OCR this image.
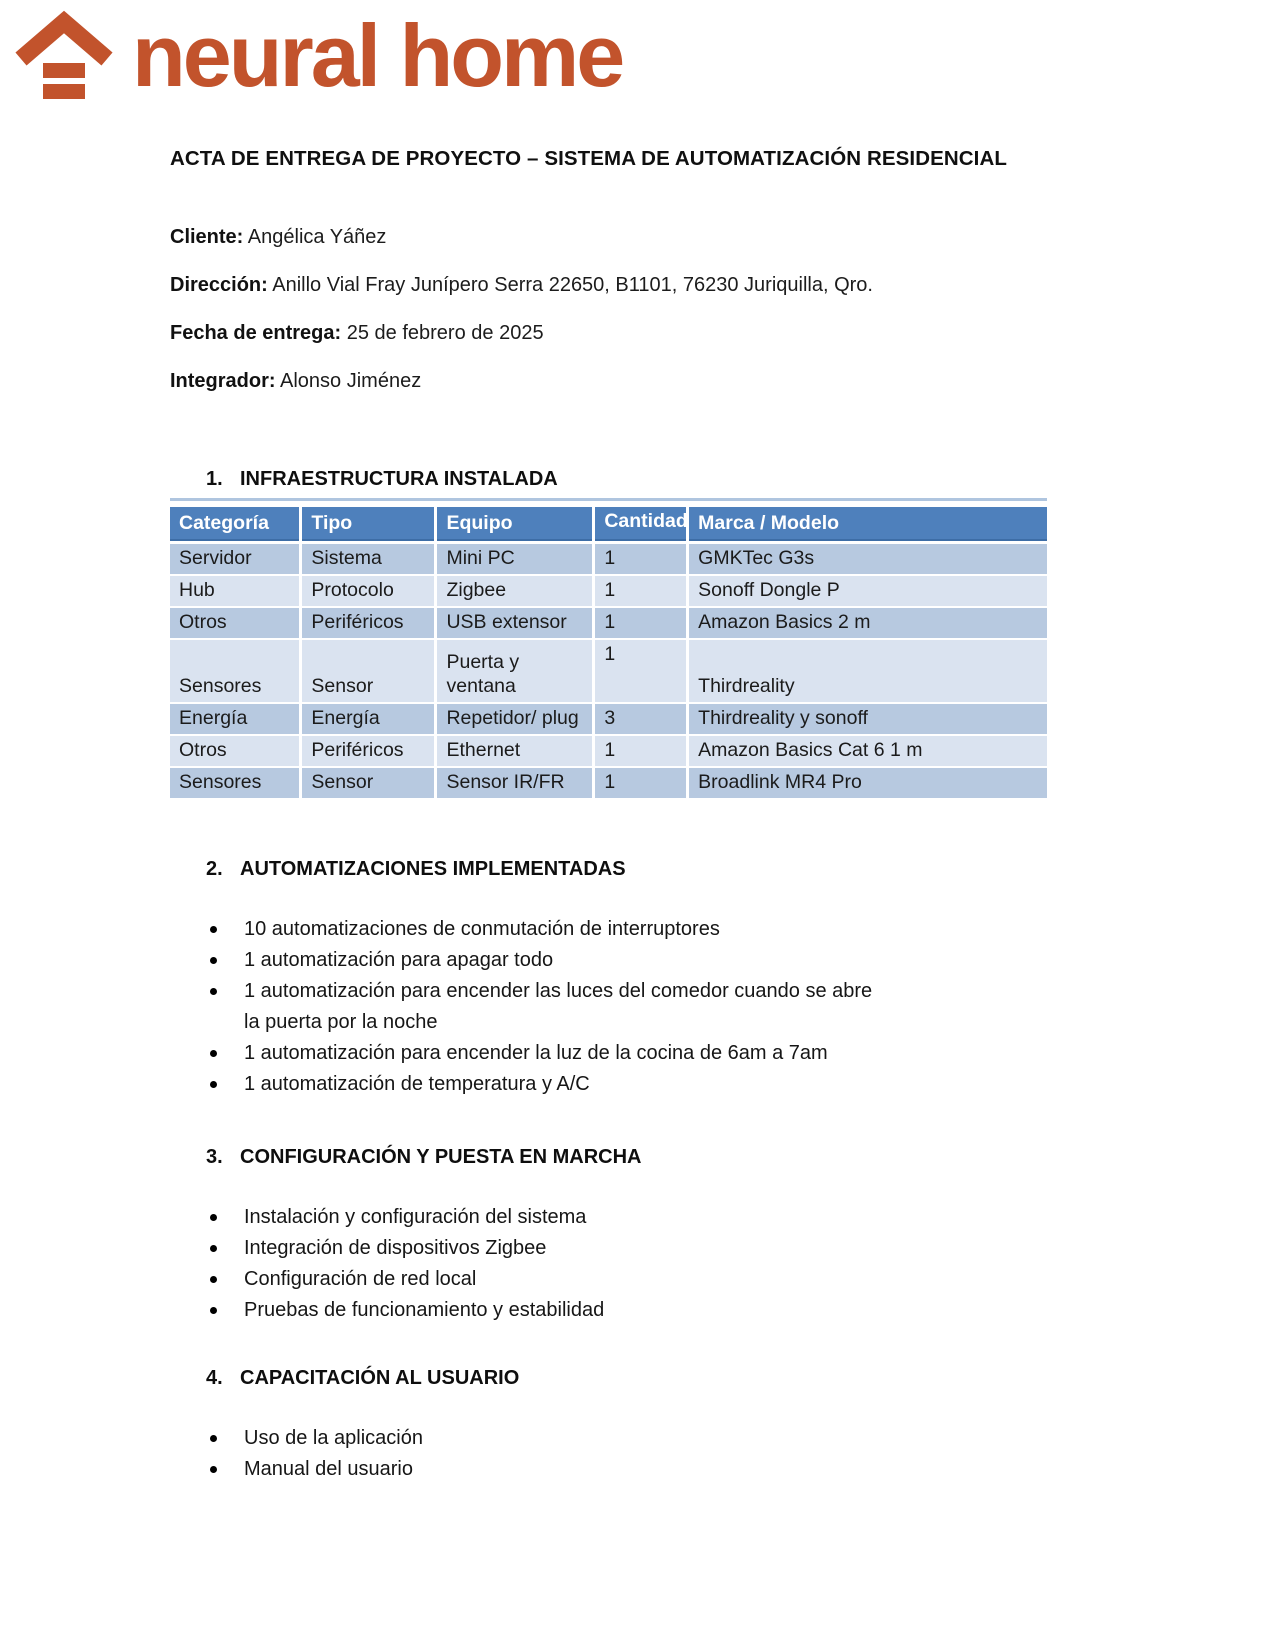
neural home
ACTA DE ENTREGA DE PROYECTO – SISTEMA DE AUTOMATIZACIÓN RESIDENCIAL

Cliente: Angélica Yáñez

Dirección: Anillo Vial Fray Junípero Serra 22650, B1101, 76230 Juriquilla, Qro.

Fecha de entrega: 25 de febrero de 2025

Integrador: Alonso Jiménez

1. INFRAESTRUCTURA INSTALADA
Categoría	Tipo	Equipo	Cantidad	Marca / Modelo
Servidor	Sistema	Mini PC	1	GMKTec G3s
Hub	Protocolo	Zigbee	1	Sonoff Dongle P
Otros	Periféricos	USB extensor	1	Amazon Basics 2 m
Sensores	Sensor	Puerta y ventana	1	Thirdreality
Energía	Energía	Repetidor/ plug	3	Thirdreality y sonoff
Otros	Periféricos	Ethernet	1	Amazon Basics Cat 6 1 m
Sensores	Sensor	Sensor IR/FR	1	Broadlink MR4 Pro
2. AUTOMATIZACIONES IMPLEMENTADAS
10 automatizaciones de conmutación de interruptores
1 automatización para apagar todo
1 automatización para encender las luces del comedor cuando se abre la puerta por la noche
1 automatización para encender la luz de la cocina de 6am a 7am
1 automatización de temperatura y A/C
3. CONFIGURACIÓN Y PUESTA EN MARCHA
Instalación y configuración del sistema
Integración de dispositivos Zigbee
Configuración de red local
Pruebas de funcionamiento y estabilidad
4. CAPACITACIÓN AL USUARIO
Uso de la aplicación
Manual del usuario
